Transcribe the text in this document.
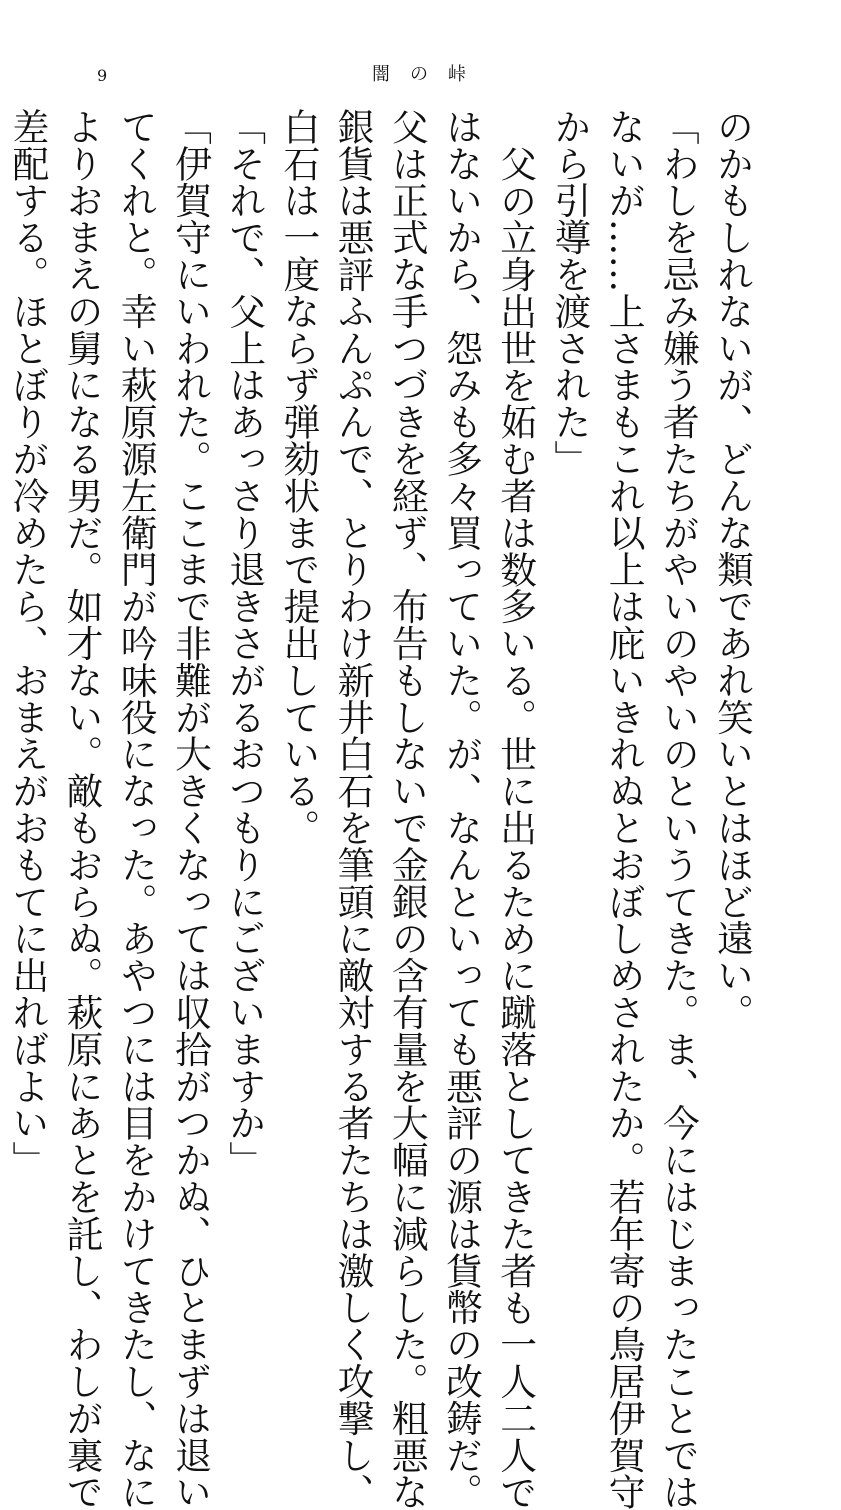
9	闇の峠
のかもしれないが、どんな類であれ笑いとはほど遠い。
「わしを忌み嫌う者たちがやいのやいのというてきた。ま、今にはじまったことでは
ないが……上さまもこれ以上は庇いきれぬとおぼしめされたか。若年寄の鳥居伊賀守
から引導を渡された」
父の立身出世を妬む者は数多いる。世に出るために蹴落としてきた者も一人二人で
はないから、怨みも多々買っていた。が、なんといっても悪評の源は貨幣の改鋳だ。
父は正式な手つづきを経ず、布告もしないで金銀の含有量を大幅に減らした。粗悪な
銀貨は悪評ふんぷんで、とりわけ新井白石を筆頭に敵対する者たちは激しく攻撃し、
白石は一度ならず弾劾状まで提出している。
「それで、父上はあっさり退きさがるおつもりにございますか」
「伊賀守にいわれた。ここまで非難が大きくなっては収拾がつかぬ、ひとまずは退い
てくれと。幸い萩原源左衛門が吟味役になった。あやつには目をかけてきたし、なに
よりおまえの舅になる男だ。如才ない。敵もおらぬ。萩原にあとを託し、わしが裏で
差配する。ほとぼりが冷めたら、おまえがおもてに出ればよい」
